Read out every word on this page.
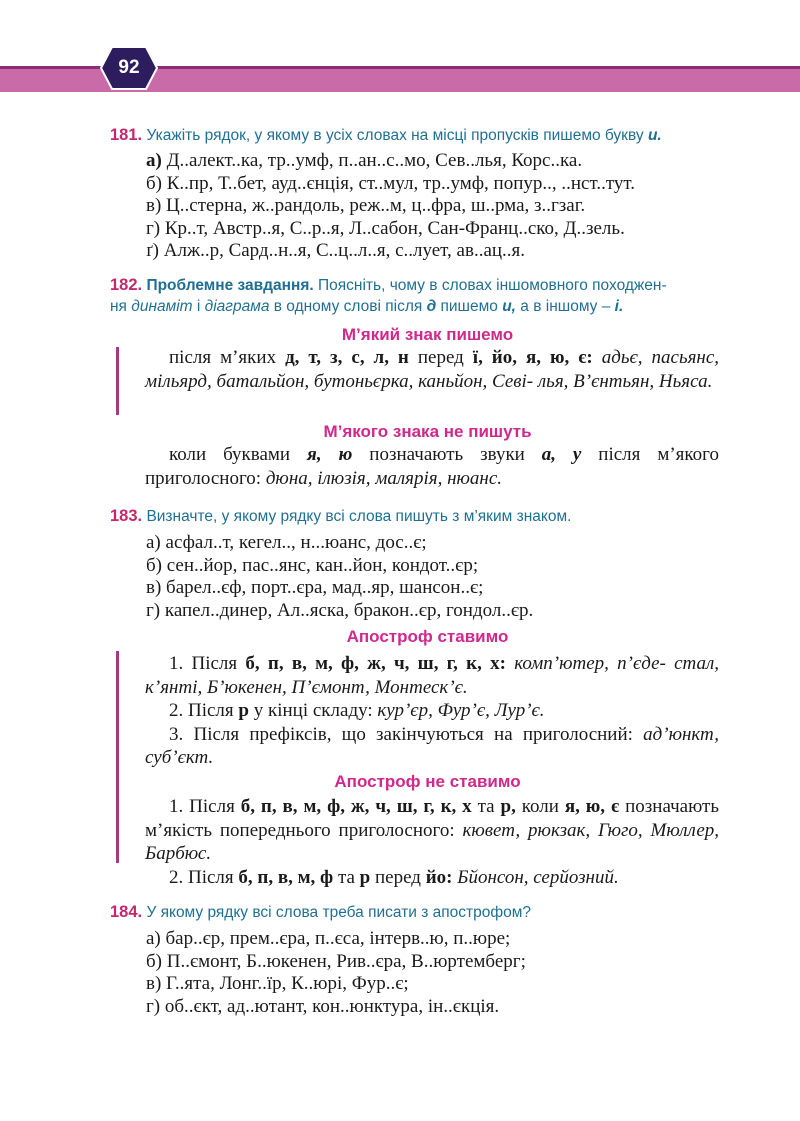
92
181. Укажіть рядок, у якому в усіх словах на місці пропусків пишемо букву и.
а) Д..алект..ка, тр..умф, п..ан..с..мо, Сев..лья, Корс..ка.
б) К..пр, Т..бет, ауд..єнція, ст..мул, тр..умф, попур.., ..нст..тут.
в) Ц..стерна, ж..рандоль, реж..м, ц..фра, ш..рма, з..гзаг.
г) Кр..т, Австр..я, С..р..я, Л..сабон, Сан-Франц..ско, Д..зель.
ґ) Алж..р, Сард..н..я, С..ц..л..я, с..лует, ав..ац..я.
182. Проблемне завдання. Поясніть, чому в словах іншомовного походжен-
ня динаміт і діаграма в одному слові після д пишемо и, а в іншому – і.
М’який знак пишемо

після м’яких д, т, з, с, л, н перед ї, йо, я, ю, є: адьє, пасьянс, мільярд, батальйон, бутоньєрка, каньйон, Севі- лья, В’єнтьян, Ньяса.

М’якого знака не пишуть

коли буквами я, ю позначають звуки а, у після м’якого приголосного: дюна, ілюзія, малярія, нюанс.

183. Визначте, у якому рядку всі слова пишуть з м’яким знаком.
а) асфал..т, кегел.., н...юанс, дос..є;
б) сен..йор, пас..янс, кан..йон, кондот..єр;
в) барел..єф, порт..єра, мад..яр, шансон..є;
г) капел..динер, Ал..яска, бракон..єр, гондол..єр.
Апостроф ставимо

1. Після б, п, в, м, ф, ж, ч, ш, г, к, х: комп’ютер, п’єде- стал, к’янті, Б’юкенен, П’ємонт, Монтеск’є.

2. Після р у кінці складу: кур’єр, Фур’є, Лур’є.

3. Після префіксів, що закінчуються на приголосний: ад’юнкт, суб’єкт.

Апостроф не ставимо

1. Після б, п, в, м, ф, ж, ч, ш, г, к, х та р, коли я, ю, є позначають м’якість попереднього приголосного: кювет, рюкзак, Гюго, Мюллер, Барбюс.

2. Після б, п, в, м, ф та р перед йо: Бйонсон, серйозний.

184. У якому рядку всі слова треба писати з апострофом?
а) бар..єр, прем..єра, п..єса, інтерв..ю, п..юре;
б) П..ємонт, Б..юкенен, Рив..єра, В..юртемберг;
в) Г..ята, Лонг..їр, К..юрі, Фур..є;
г) об..єкт, ад..ютант, кон..юнктура, ін..єкція.
